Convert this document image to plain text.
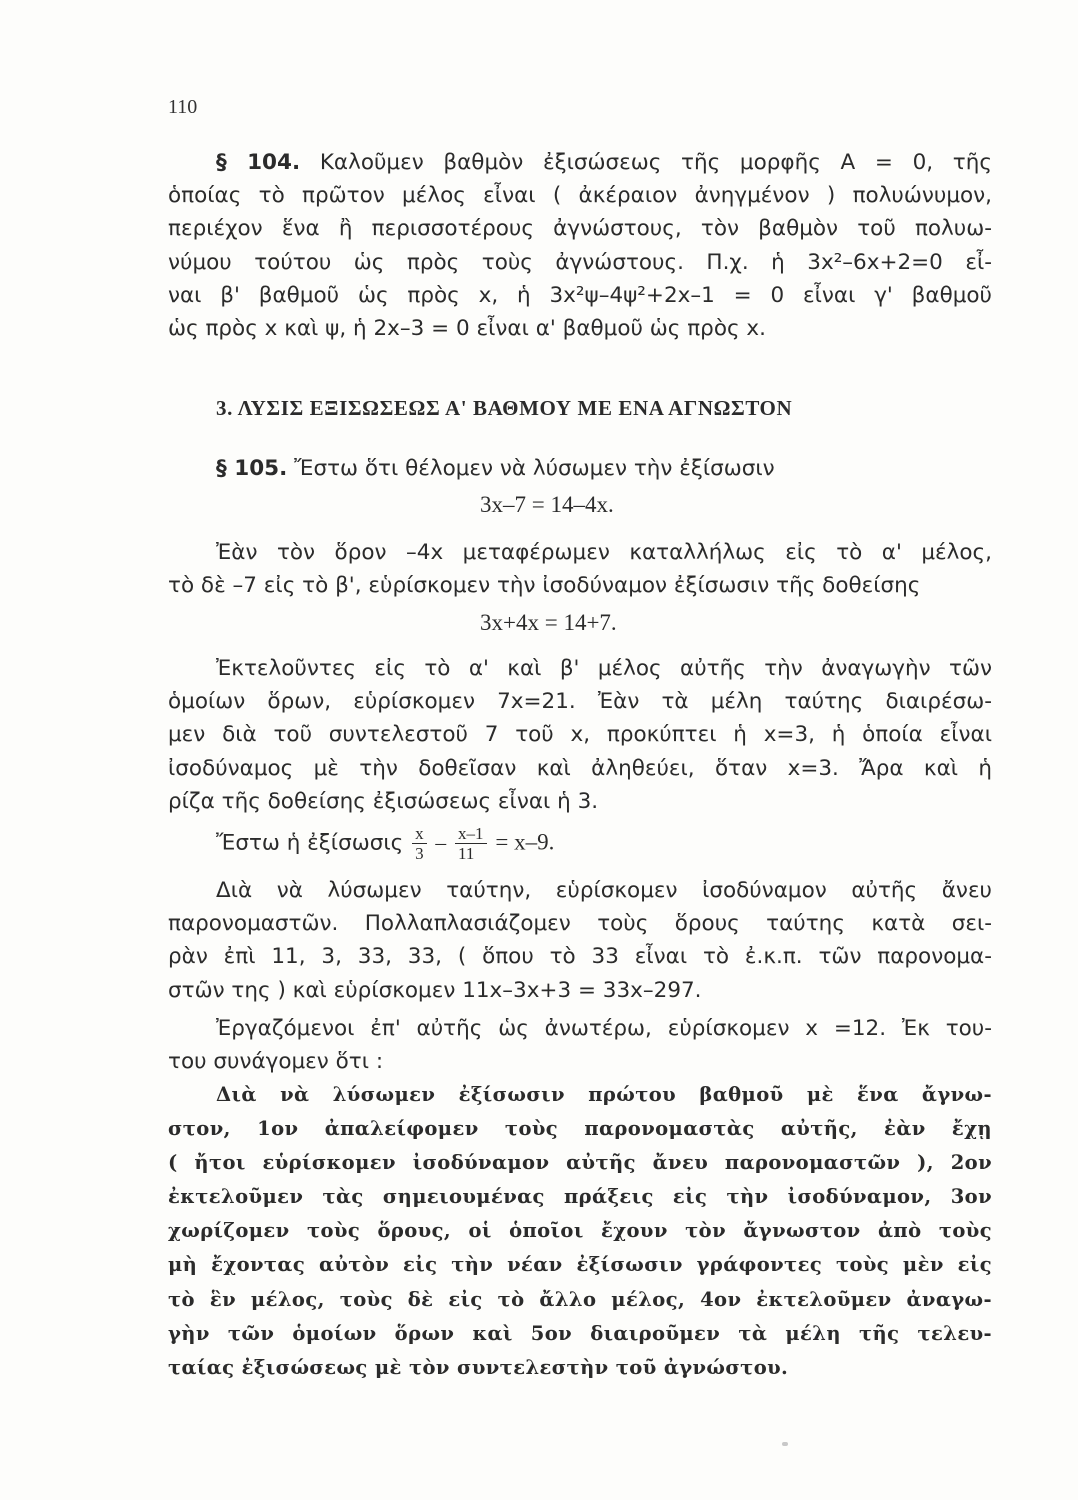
110
§ 104. Καλοῦμεν βαθμὸν ἐξισώσεως τῆς μορφῆς Α = 0, τῆς
ὁποίας τὸ πρῶτον μέλος εἶναι ( ἀκέραιον ἀνηγμένον ) πολυώνυμον,
περιέχον ἕνα ἢ περισσοτέρους ἀγνώστους, τὸν βαθμὸν τοῦ πολυω-
νύμου τούτου ὡς πρὸς τοὺς ἀγνώστους. Π.χ. ἡ 3x²–6x+2=0 εἶ-
ναι β' βαθμοῦ ὡς πρὸς x, ἡ 3x²ψ–4ψ²+2x–1 = 0 εἶναι γ' βαθμοῦ
ὡς πρὸς x καὶ ψ, ἡ 2x–3 = 0 εἶναι α' βαθμοῦ ὡς πρὸς x.
3. ΛΥΣΙΣ ΕΞΙΣΩΣΕΩΣ Α' ΒΑΘΜΟΥ ΜΕ ΕΝΑ ΑΓΝΩΣΤΟΝ
§ 105. Ἔστω ὅτι θέλομεν νὰ λύσωμεν τὴν ἐξίσωσιν
3x–7 = 14–4x.
Ἐὰν τὸν ὅρον –4x μεταφέρωμεν καταλλήλως εἰς τὸ α' μέλος,
τὸ δὲ –7 εἰς τὸ β', εὑρίσκομεν τὴν ἰσοδύναμον ἐξίσωσιν τῆς δοθείσης
3x+4x = 14+7.
Ἐκτελοῦντες εἰς τὸ α' καὶ β' μέλος αὐτῆς τὴν ἀναγωγὴν τῶν
ὁμοίων ὅρων, εὑρίσκομεν 7x=21. Ἐὰν τὰ μέλη ταύτης διαιρέσω-
μεν διὰ τοῦ συντελεστοῦ 7 τοῦ x, προκύπτει ἡ x=3, ἡ ὁποία εἶναι
ἰσοδύναμος μὲ τὴν δοθεῖσαν καὶ ἀληθεύει, ὅταν x=3. Ἄρα καὶ ἡ
ρίζα τῆς δοθείσης ἐξισώσεως εἶναι ἡ 3.
Ἔστω ἡ ἐξίσωσις $\frac{x}{3} - \frac{x-1}{11} = x-9$.
Διὰ νὰ λύσωμεν ταύτην, εὑρίσκομεν ἰσοδύναμον αὐτῆς ἄνευ
παρονομαστῶν. Πολλαπλασιάζομεν τοὺς ὅρους ταύτης κατὰ σει-
ρὰν ἐπὶ 11, 3, 33, 33, ( ὅπου τὸ 33 εἶναι τὸ ἐ.κ.π. τῶν παρονομα-
στῶν της ) καὶ εὑρίσκομεν 11x–3x+3 = 33x–297.
Ἐργαζόμενοι ἐπ' αὐτῆς ὡς ἀνωτέρω, εὑρίσκομεν x =12. Ἐκ του-
του συνάγομεν ὅτι :
Διὰ νὰ λύσωμεν ἐξίσωσιν πρώτου βαθμοῦ μὲ ἕνα ἄγνω-
στον, 1ον ἀπαλείφομεν τοὺς παρονομαστὰς αὐτῆς, ἐὰν ἔχῃ
( ἤτοι εὑρίσκομεν ἰσοδύναμον αὐτῆς ἄνευ παρονομαστῶν ), 2ον
ἐκτελοῦμεν τὰς σημειουμένας πράξεις εἰς τὴν ἰσοδύναμον, 3ον
χωρίζομεν τοὺς ὅρους, οἱ ὁποῖοι ἔχουν τὸν ἄγνωστον ἀπὸ τοὺς
μὴ ἔχοντας αὐτὸν εἰς τὴν νέαν ἐξίσωσιν γράφοντες τοὺς μὲν εἰς
τὸ ἓν μέλος, τοὺς δὲ εἰς τὸ ἄλλο μέλος, 4ον ἐκτελοῦμεν ἀναγω-
γὴν τῶν ὁμοίων ὅρων καὶ 5ον διαιροῦμεν τὰ μέλη τῆς τελευ-
ταίας ἐξισώσεως μὲ τὸν συντελεστὴν τοῦ ἀγνώστου.
